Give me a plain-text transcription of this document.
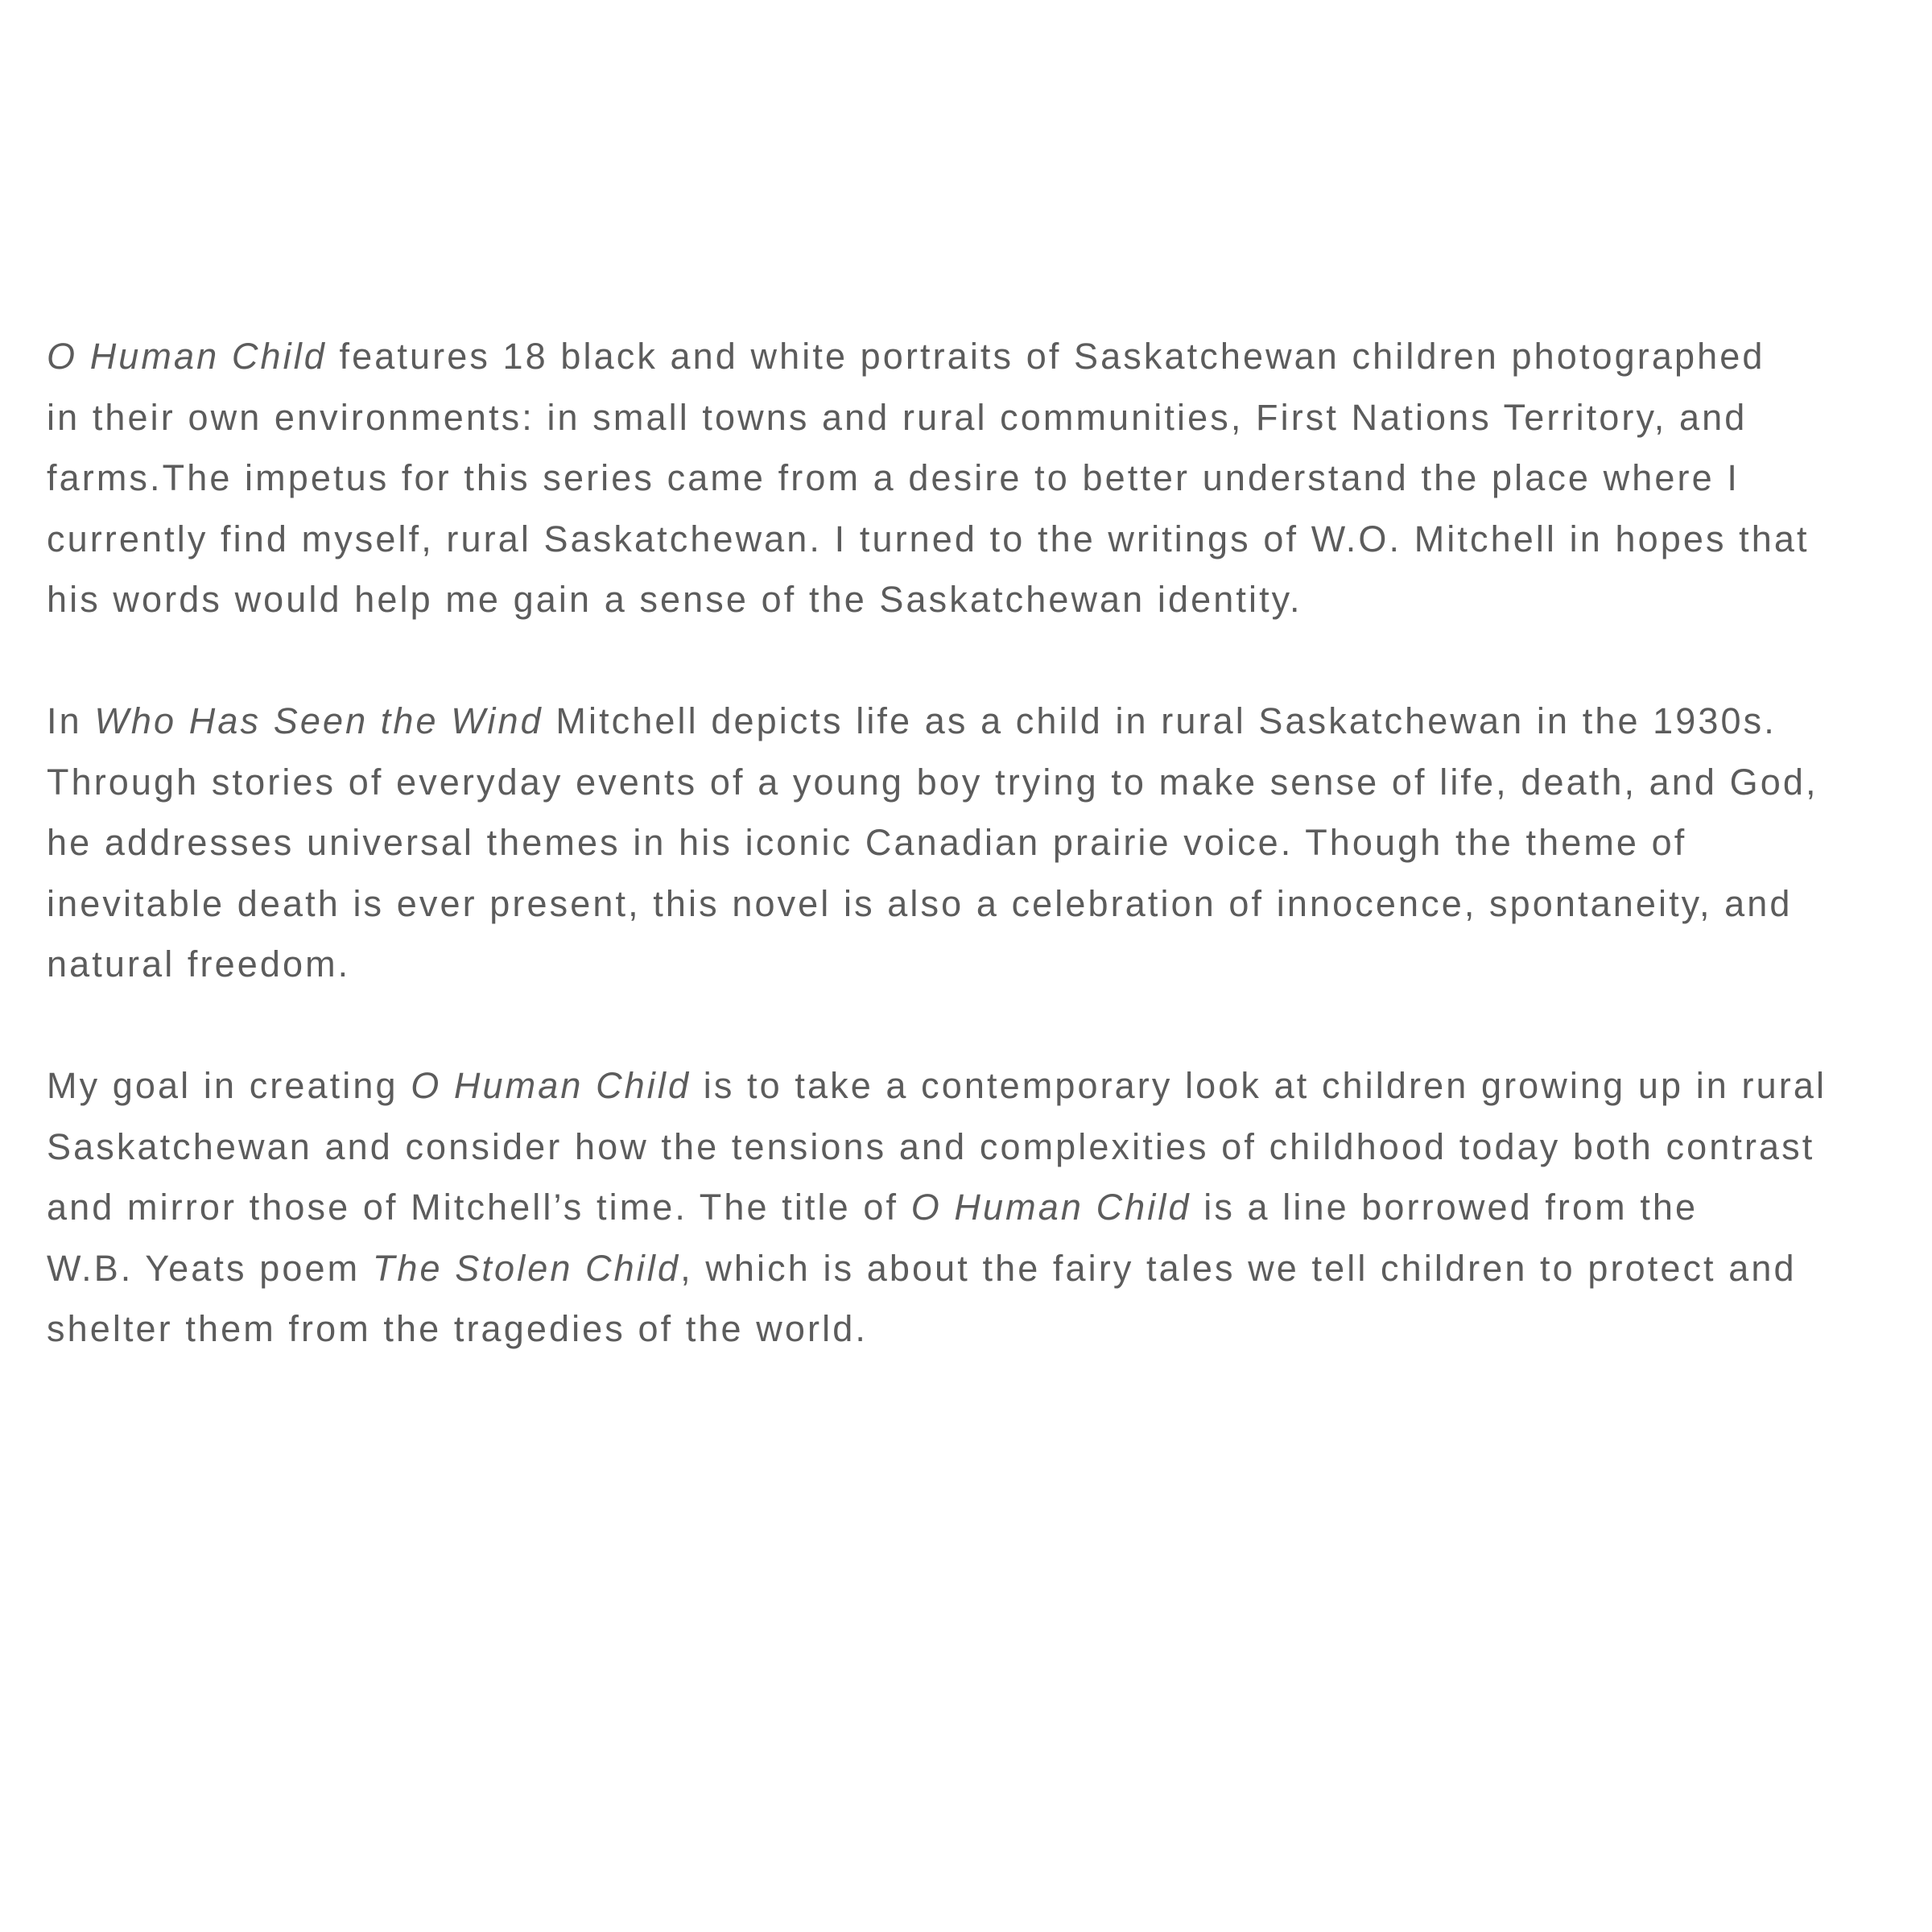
O Human Child features 18 black and white portraits of Saskatchewan children photographed
in their own environments: in small towns and rural communities, First Nations Territory, and
farms.The impetus for this series came from a desire to better understand the place where I
currently find myself, rural Saskatchewan. I turned to the writings of W.O. Mitchell in hopes that
his words would help me gain a sense of the Saskatchewan identity.
In Who Has Seen the Wind Mitchell depicts life as a child in rural Saskatchewan in the 1930s.
Through stories of everyday events of a young boy trying to make sense of life, death, and God,
he addresses universal themes in his iconic Canadian prairie voice. Though the theme of
inevitable death is ever present, this novel is also a celebration of innocence, spontaneity, and
natural freedom.
My goal in creating O Human Child is to take a contemporary look at children growing up in rural
Saskatchewan and consider how the tensions and complexities of childhood today both contrast
and mirror those of Mitchell’s time. The title of O Human Child is a line borrowed from the
W.B. Yeats poem The Stolen Child, which is about the fairy tales we tell children to protect and
shelter them from the tragedies of the world.
